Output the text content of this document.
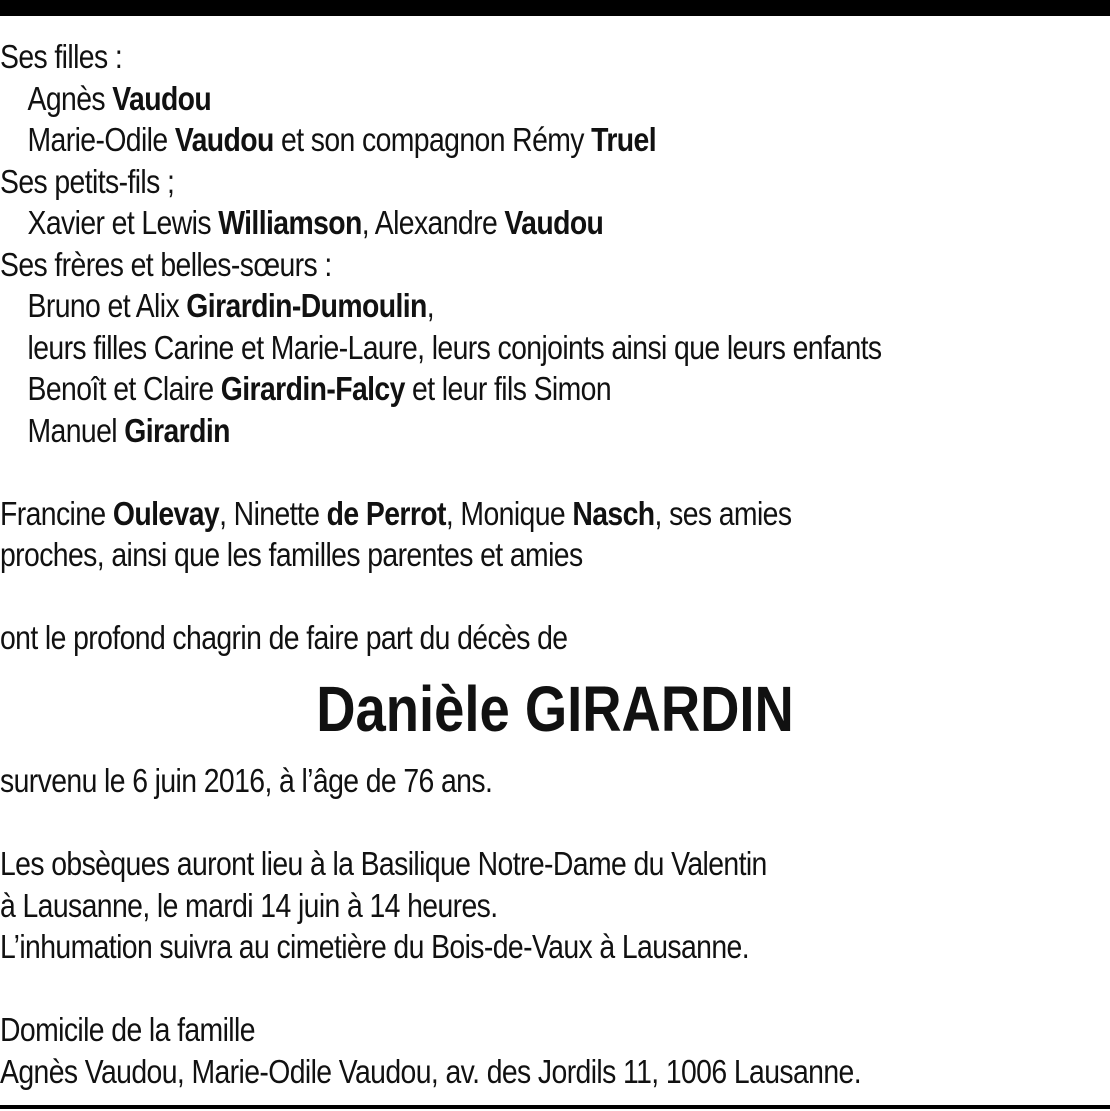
Ses filles :
Agnès Vaudou
Marie-Odile Vaudou et son compagnon Rémy Truel
Ses petits-fils ;
Xavier et Lewis Williamson, Alexandre Vaudou
Ses frères et belles-sœurs :
Bruno et Alix Girardin-Dumoulin,
leurs filles Carine et Marie-Laure, leurs conjoints ainsi que leurs enfants
Benoît et Claire Girardin-Falcy et leur fils Simon
Manuel Girardin
Francine Oulevay, Ninette de Perrot, Monique Nasch, ses amies
proches, ainsi que les familles parentes et amies
ont le profond chagrin de faire part du décès de
Danièle GIRARDIN
survenu le 6 juin 2016, à l’âge de 76 ans.
Les obsèques auront lieu à la Basilique Notre-Dame du Valentin
à Lausanne, le mardi 14 juin à 14 heures.
L’inhumation suivra au cimetière du Bois-de-Vaux à Lausanne.
Domicile de la famille
Agnès Vaudou, Marie-Odile Vaudou, av. des Jordils 11, 1006 Lausanne.
